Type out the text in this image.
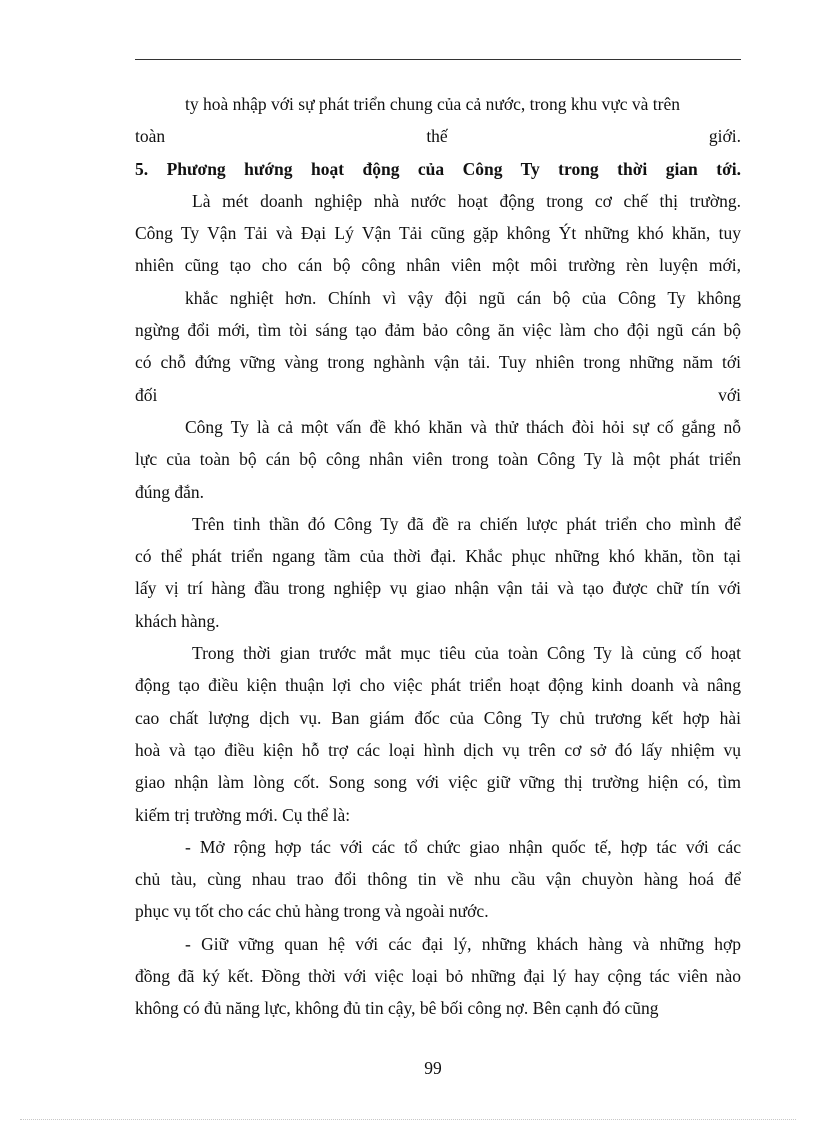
ty hoà nhập với sự phát triển chung của cả nước, trong khu vực và trên
toàn thế giới.
5. Phương hướng hoạt động của Công Ty trong thời gian tới.
Là mét doanh nghiệp nhà nước hoạt động trong cơ chế thị trường.
Công Ty Vận Tải và Đại Lý Vận Tải cũng gặp không Ýt những khó khăn, tuy
nhiên cũng tạo cho cán bộ công nhân viên một môi trường rèn luyện mới,
khắc nghiệt hơn. Chính vì vậy đội ngũ cán bộ của Công Ty không
ngừng đổi mới, tìm tòi sáng tạo đảm bảo công ăn việc làm cho đội ngũ cán bộ
có chỗ đứng vững vàng trong nghành vận tải. Tuy nhiên trong những năm tới
đối với
Công Ty là cả một vấn đề khó khăn và thử thách đòi hỏi sự cố gắng nỗ
lực của toàn bộ cán bộ công nhân viên trong toàn Công Ty là một phát triển
đúng đắn.
Trên tinh thần đó Công Ty đã đề ra chiến lược phát triển cho mình để
có thể phát triển ngang tầm của thời đại. Khắc phục những khó khăn, tồn tại
lấy vị trí hàng đầu trong nghiệp vụ giao nhận vận tải và tạo được chữ tín với
khách hàng.
Trong thời gian trước mắt mục tiêu của toàn Công Ty là củng cố hoạt
động tạo điều kiện thuận lợi cho việc phát triển hoạt động kinh doanh và nâng
cao chất lượng dịch vụ. Ban giám đốc của Công Ty chủ trương kết hợp hài
hoà và tạo điều kiện hỗ trợ các loại hình dịch vụ trên cơ sở đó lấy nhiệm vụ
giao nhận làm lòng cốt. Song song với việc giữ vững thị trường hiện có, tìm
kiếm trị trường mới. Cụ thể là:
- Mở rộng hợp tác với các tổ chức giao nhận quốc tế, hợp tác với các
chủ tàu, cùng nhau trao đổi thông tin về nhu cầu vận chuyòn hàng hoá để
phục vụ tốt cho các chủ hàng trong và ngoài nước.
- Giữ vững quan hệ với các đại lý, những khách hàng và những hợp
đồng đã ký kết. Đồng thời với việc loại bỏ những đại lý hay cộng tác viên nào
không có đủ năng lực, không đủ tin cậy, bê bối công nợ. Bên cạnh đó cũng
99
